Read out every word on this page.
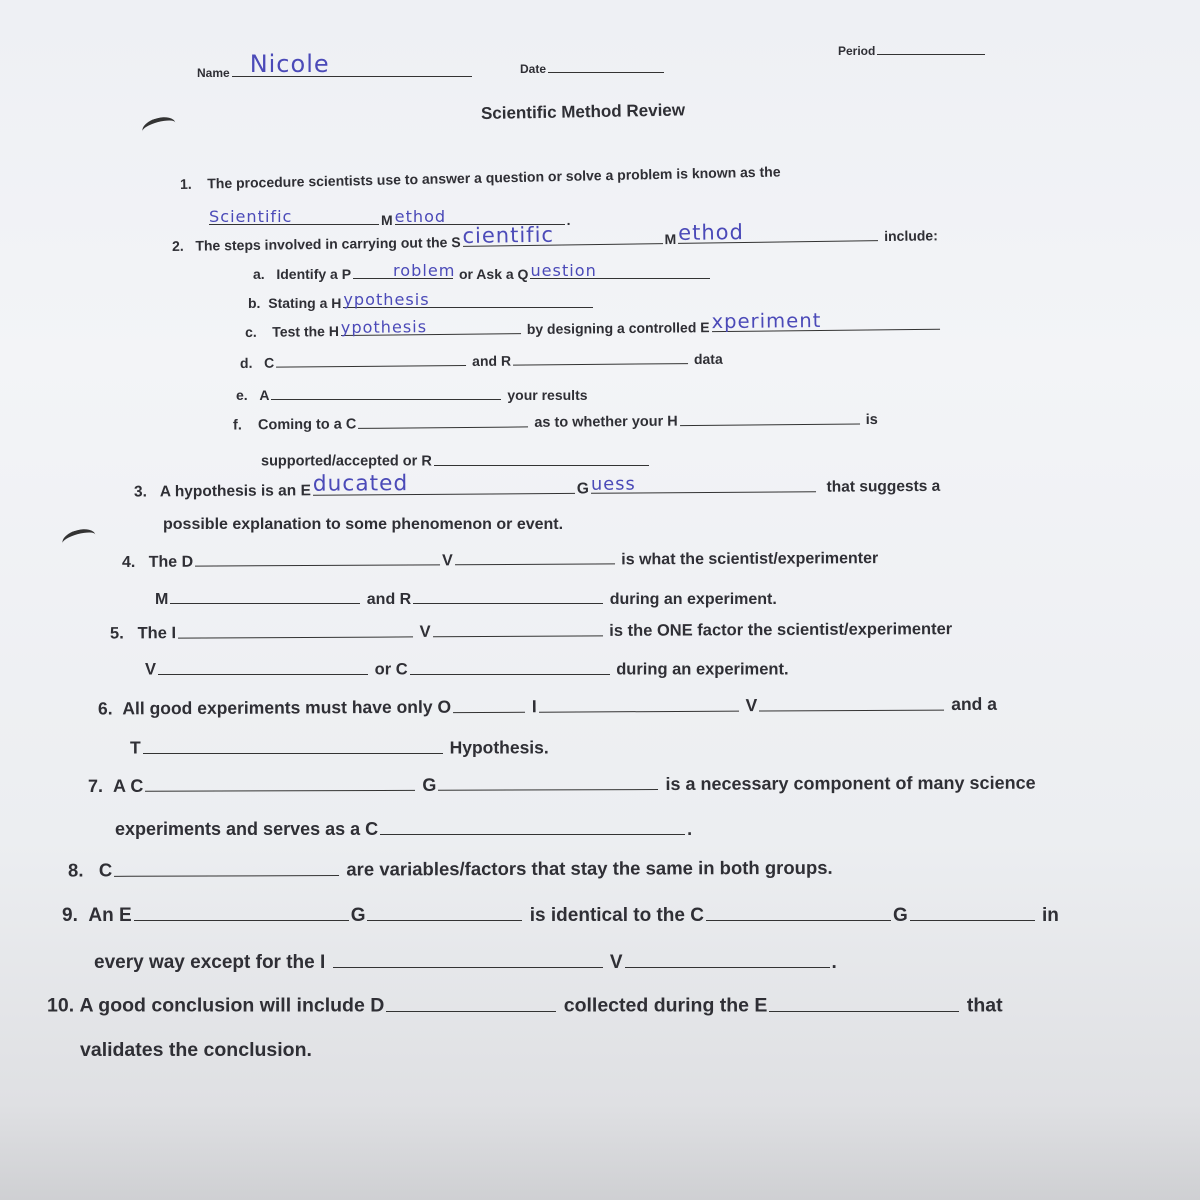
Name Nicole	Date
Period
Scientific Method Review
1. The procedure scientists use to answer a question or solve a problem is known as the
Scientific	M ethod	.
2. The steps involved in carrying out the S cientific	M ethod	include:
a. Identify a P	roblem or Ask a Q uestion
b. Stating a H ypothesis
c. Test the H ypothesis	by designing a controlled E xperiment
d. C	and R	data
e. A	your results
f. Coming to a C	as to whether your H	is
supported/accepted or R
3. A hypothesis is an E ducated	G uess	that suggests a
possible explanation to some phenomenon or event.
4. The D	V	is what the scientist/experimenter
M	and R	during an experiment.
5. The I	V	is the ONE factor the scientist/experimenter
V	or C	during an experiment.
6. All good experiments must have only O	I	V	and a
T	Hypothesis.
7. A C	G	is a necessary component of many science
experiments and serves as a C	.
8. C	are variables/factors that stay the same in both groups.
9. An E	G	is identical to the C	G	in
every way except for the I	V	.
10. A good conclusion will include D	collected during the E	that
validates the conclusion.
